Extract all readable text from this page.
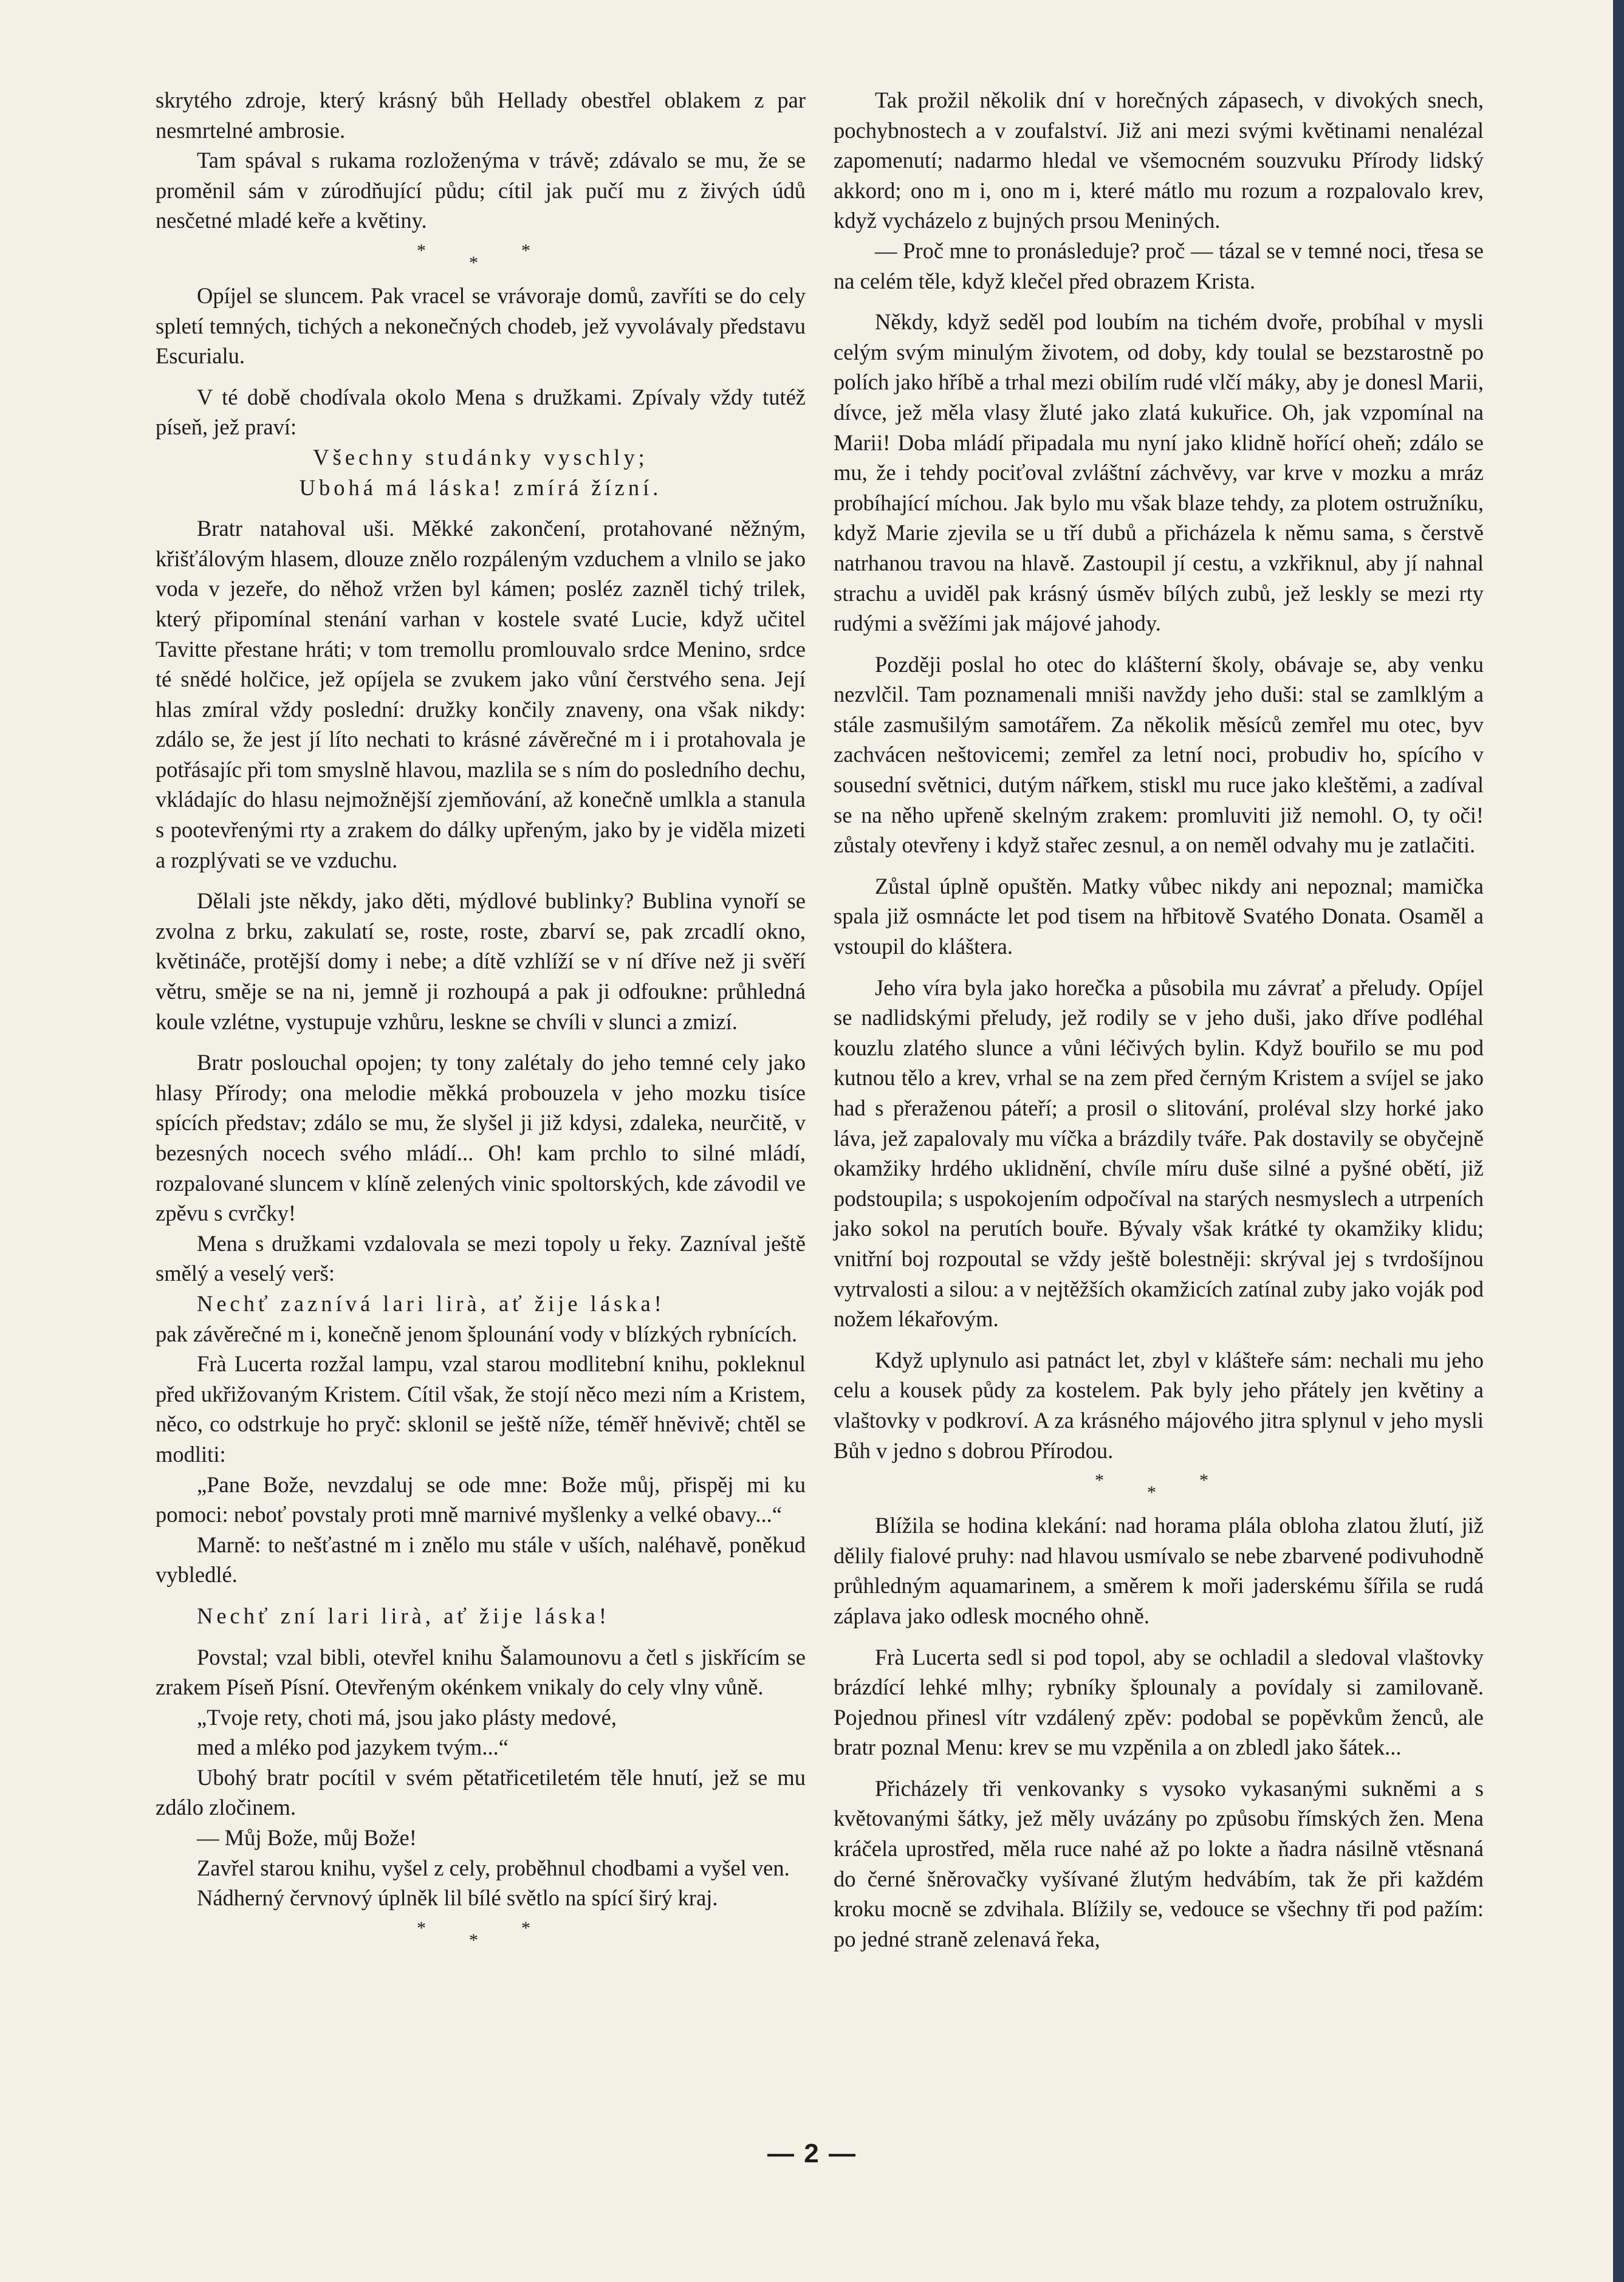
skrytého zdroje, který krásný bůh Hellady obestřel oblakem z par nesmrtelné ambrosie.

Tam spával s rukama rozloženýma v trávě; zdávalo se mu, že se proměnil sám v zúrodňující půdu; cítil jak pučí mu z živých údů nesčetné mladé keře a květiny.

*
*
*

Opíjel se sluncem. Pak vracel se vrávoraje domů, zavříti se do cely spletí temných, tichých a nekonečných chodeb, jež vyvolávaly představu Escurialu.

V té době chodívala okolo Mena s družkami. Zpívaly vždy tutéž píseň, jež praví:

Všechny studánky vyschly;

Ubohá má láska! zmírá žízní.

Bratr natahoval uši. Měkké zakončení, protahované něžným, křišťálovým hlasem, dlouze znělo rozpáleným vzduchem a vlnilo se jako voda v jezeře, do něhož vržen byl kámen; posléz zazněl tichý trilek, který připomínal stenání varhan v kostele svaté Lucie, když učitel Tavitte přestane hráti; v tom tremollu promlouvalo srdce Menino, srdce té snědé holčice, jež opíjela se zvukem jako vůní čerstvého sena. Její hlas zmíral vždy poslední: družky končily znaveny, ona však nikdy: zdálo se, že jest jí líto nechati to krásné závěrečné m i i protahovala je potřásajíc při tom smyslně hlavou, mazlila se s ním do posledního dechu, vkládajíc do hlasu nejmožnější zjemňování, až konečně umlkla a stanula s pootevřenými rty a zrakem do dálky upřeným, jako by je viděla mizeti a rozplývati se ve vzduchu.

Dělali jste někdy, jako děti, mýdlové bublinky? Bublina vynoří se zvolna z brku, zakulatí se, roste, roste, zbarví se, pak zrcadlí okno, květináče, protější domy i nebe; a dítě vzhlíží se v ní dříve než ji svěří větru, směje se na ni, jemně ji rozhoupá a pak ji odfoukne: průhledná koule vzlétne, vystupuje vzhůru, leskne se chvíli v slunci a zmizí.

Bratr poslouchal opojen; ty tony zalétaly do jeho temné cely jako hlasy Přírody; ona melodie měkká probouzela v jeho mozku tisíce spících představ; zdálo se mu, že slyšel ji již kdysi, zdaleka, neurčitě, v bezesných nocech svého mládí... Oh! kam prchlo to silné mládí, rozpalované sluncem v klíně zelených vinic spoltorských, kde závodil ve zpěvu s cvrčky!

Mena s družkami vzdalovala se mezi topoly u řeky. Zazníval ještě smělý a veselý verš:

Nechť zaznívá lari lirà, ať žije láska!

pak závěrečné m i, konečně jenom šplounání vody v blízkých rybnících.

Frà Lucerta rozžal lampu, vzal starou modlitební knihu, pokleknul před ukřižovaným Kristem. Cítil však, že stojí něco mezi ním a Kristem, něco, co odstrkuje ho pryč: sklonil se ještě níže, téměř hněvivě; chtěl se modliti:

„Pane Bože, nevzdaluj se ode mne: Bože můj, přispěj mi ku pomoci: neboť povstaly proti mně marnivé myšlenky a velké obavy...“

Marně: to nešťastné m i znělo mu stále v uších, naléhavě, poněkud vybledlé.

Nechť zní lari lirà, ať žije láska!

Povstal; vzal bibli, otevřel knihu Šalamounovu a četl s jiskřícím se zrakem Píseň Písní. Otevřeným okénkem vnikaly do cely vlny vůně.

„Tvoje rety, choti má, jsou jako plásty medové,

med a mléko pod jazykem tvým...“

Ubohý bratr pocítil v svém pětatřicetiletém těle hnutí, jež se mu zdálo zločinem.

— Můj Bože, můj Bože!

Zavřel starou knihu, vyšel z cely, proběhnul chodbami a vyšel ven.

Nádherný červnový úplněk lil bílé světlo na spící širý kraj.

*
*
*

Tak prožil několik dní v horečných zápasech, v divokých snech, pochybnostech a v zoufalství. Již ani mezi svými květinami nenalézal zapomenutí; nadarmo hledal ve všemocném souzvuku Přírody lidský akkord; ono m i, ono m i, které mátlo mu rozum a rozpalovalo krev, když vycházelo z bujných prsou Meniných.

— Proč mne to pronásleduje? proč — tázal se v temné noci, třesa se na celém těle, když klečel před obrazem Krista.

Někdy, když seděl pod loubím na tichém dvoře, probíhal v mysli celým svým minulým životem, od doby, kdy toulal se bezstarostně po polích jako hříbě a trhal mezi obilím rudé vlčí máky, aby je donesl Marii, dívce, jež měla vlasy žluté jako zlatá kukuřice. Oh, jak vzpomínal na Marii! Doba mládí připadala mu nyní jako klidně hořící oheň; zdálo se mu, že i tehdy pociťoval zvláštní záchvěvy, var krve v mozku a mráz probíhající míchou. Jak bylo mu však blaze tehdy, za plotem ostružníku, když Marie zjevila se u tří dubů a přicházela k němu sama, s čerstvě natrhanou travou na hlavě. Zastoupil jí cestu, a vzkřiknul, aby jí nahnal strachu a uviděl pak krásný úsměv bílých zubů, jež leskly se mezi rty rudými a svěžími jak májové jahody.

Později poslal ho otec do klášterní školy, obávaje se, aby venku nezvlčil. Tam poznamenali mniši navždy jeho duši: stal se zamlklým a stále zasmušilým samotářem. Za několik měsíců zemřel mu otec, byv zachvácen neštovicemi; zemřel za letní noci, probudiv ho, spícího v sousední světnici, dutým nářkem, stiskl mu ruce jako kleštěmi, a zadíval se na něho upřeně skelným zrakem: promluviti již nemohl. O, ty oči! zůstaly otevřeny i když stařec zesnul, a on neměl odvahy mu je zatlačiti.

Zůstal úplně opuštěn. Matky vůbec nikdy ani nepoznal; mamička spala již osmnácte let pod tisem na hřbitově Svatého Donata. Osaměl a vstoupil do kláštera.

Jeho víra byla jako horečka a působila mu závrať a přeludy. Opíjel se nadlidskými přeludy, jež rodily se v jeho duši, jako dříve podléhal kouzlu zlatého slunce a vůni léčivých bylin. Když bouřilo se mu pod kutnou tělo a krev, vrhal se na zem před černým Kristem a svíjel se jako had s přeraženou páteří; a prosil o slitování, proléval slzy horké jako láva, jež zapalovaly mu víčka a brázdily tváře. Pak dostavily se obyčejně okamžiky hrdého uklidnění, chvíle míru duše silné a pyšné obětí, již podstoupila; s uspokojením odpočíval na starých nesmyslech a utrpeních jako sokol na perutích bouře. Bývaly však krátké ty okamžiky klidu; vnitřní boj rozpoutal se vždy ještě bolestněji: skrýval jej s tvrdošíjnou vytrvalosti a silou: a v nejtěžších okamžicích zatínal zuby jako voják pod nožem lékařovým.

Když uplynulo asi patnáct let, zbyl v klášteře sám: nechali mu jeho celu a kousek půdy za kostelem. Pak byly jeho přátely jen květiny a vlaštovky v podkroví. A za krásného májového jitra splynul v jeho mysli Bůh v jedno s dobrou Přírodou.

*
*
*

Blížila se hodina klekání: nad horama plála obloha zlatou žlutí, již dělily fialové pruhy: nad hlavou usmívalo se nebe zbarvené podivuhodně průhledným aquamarinem, a směrem k moři jaderskému šířila se rudá záplava jako odlesk mocného ohně.

Frà Lucerta sedl si pod topol, aby se ochladil a sledoval vlaštovky brázdící lehké mlhy; rybníky šplounaly a povídaly si zamilovaně. Pojednou přinesl vítr vzdálený zpěv: podobal se popěvkům ženců, ale bratr poznal Menu: krev se mu vzpěnila a on zbledl jako šátek...

Přicházely tři venkovanky s vysoko vykasanými sukněmi a s květovanými šátky, jež měly uvázány po způsobu římských žen. Mena kráčela uprostřed, měla ruce nahé až po lokte a ňadra násilně vtěsnaná do černé šněrovačky vyšívané žlutým hedvábím, tak že při každém kroku mocně se zdvihala. Blížily se, vedouce se všechny tři pod pažím: po jedné straně zelenavá řeka,

— 2 —
